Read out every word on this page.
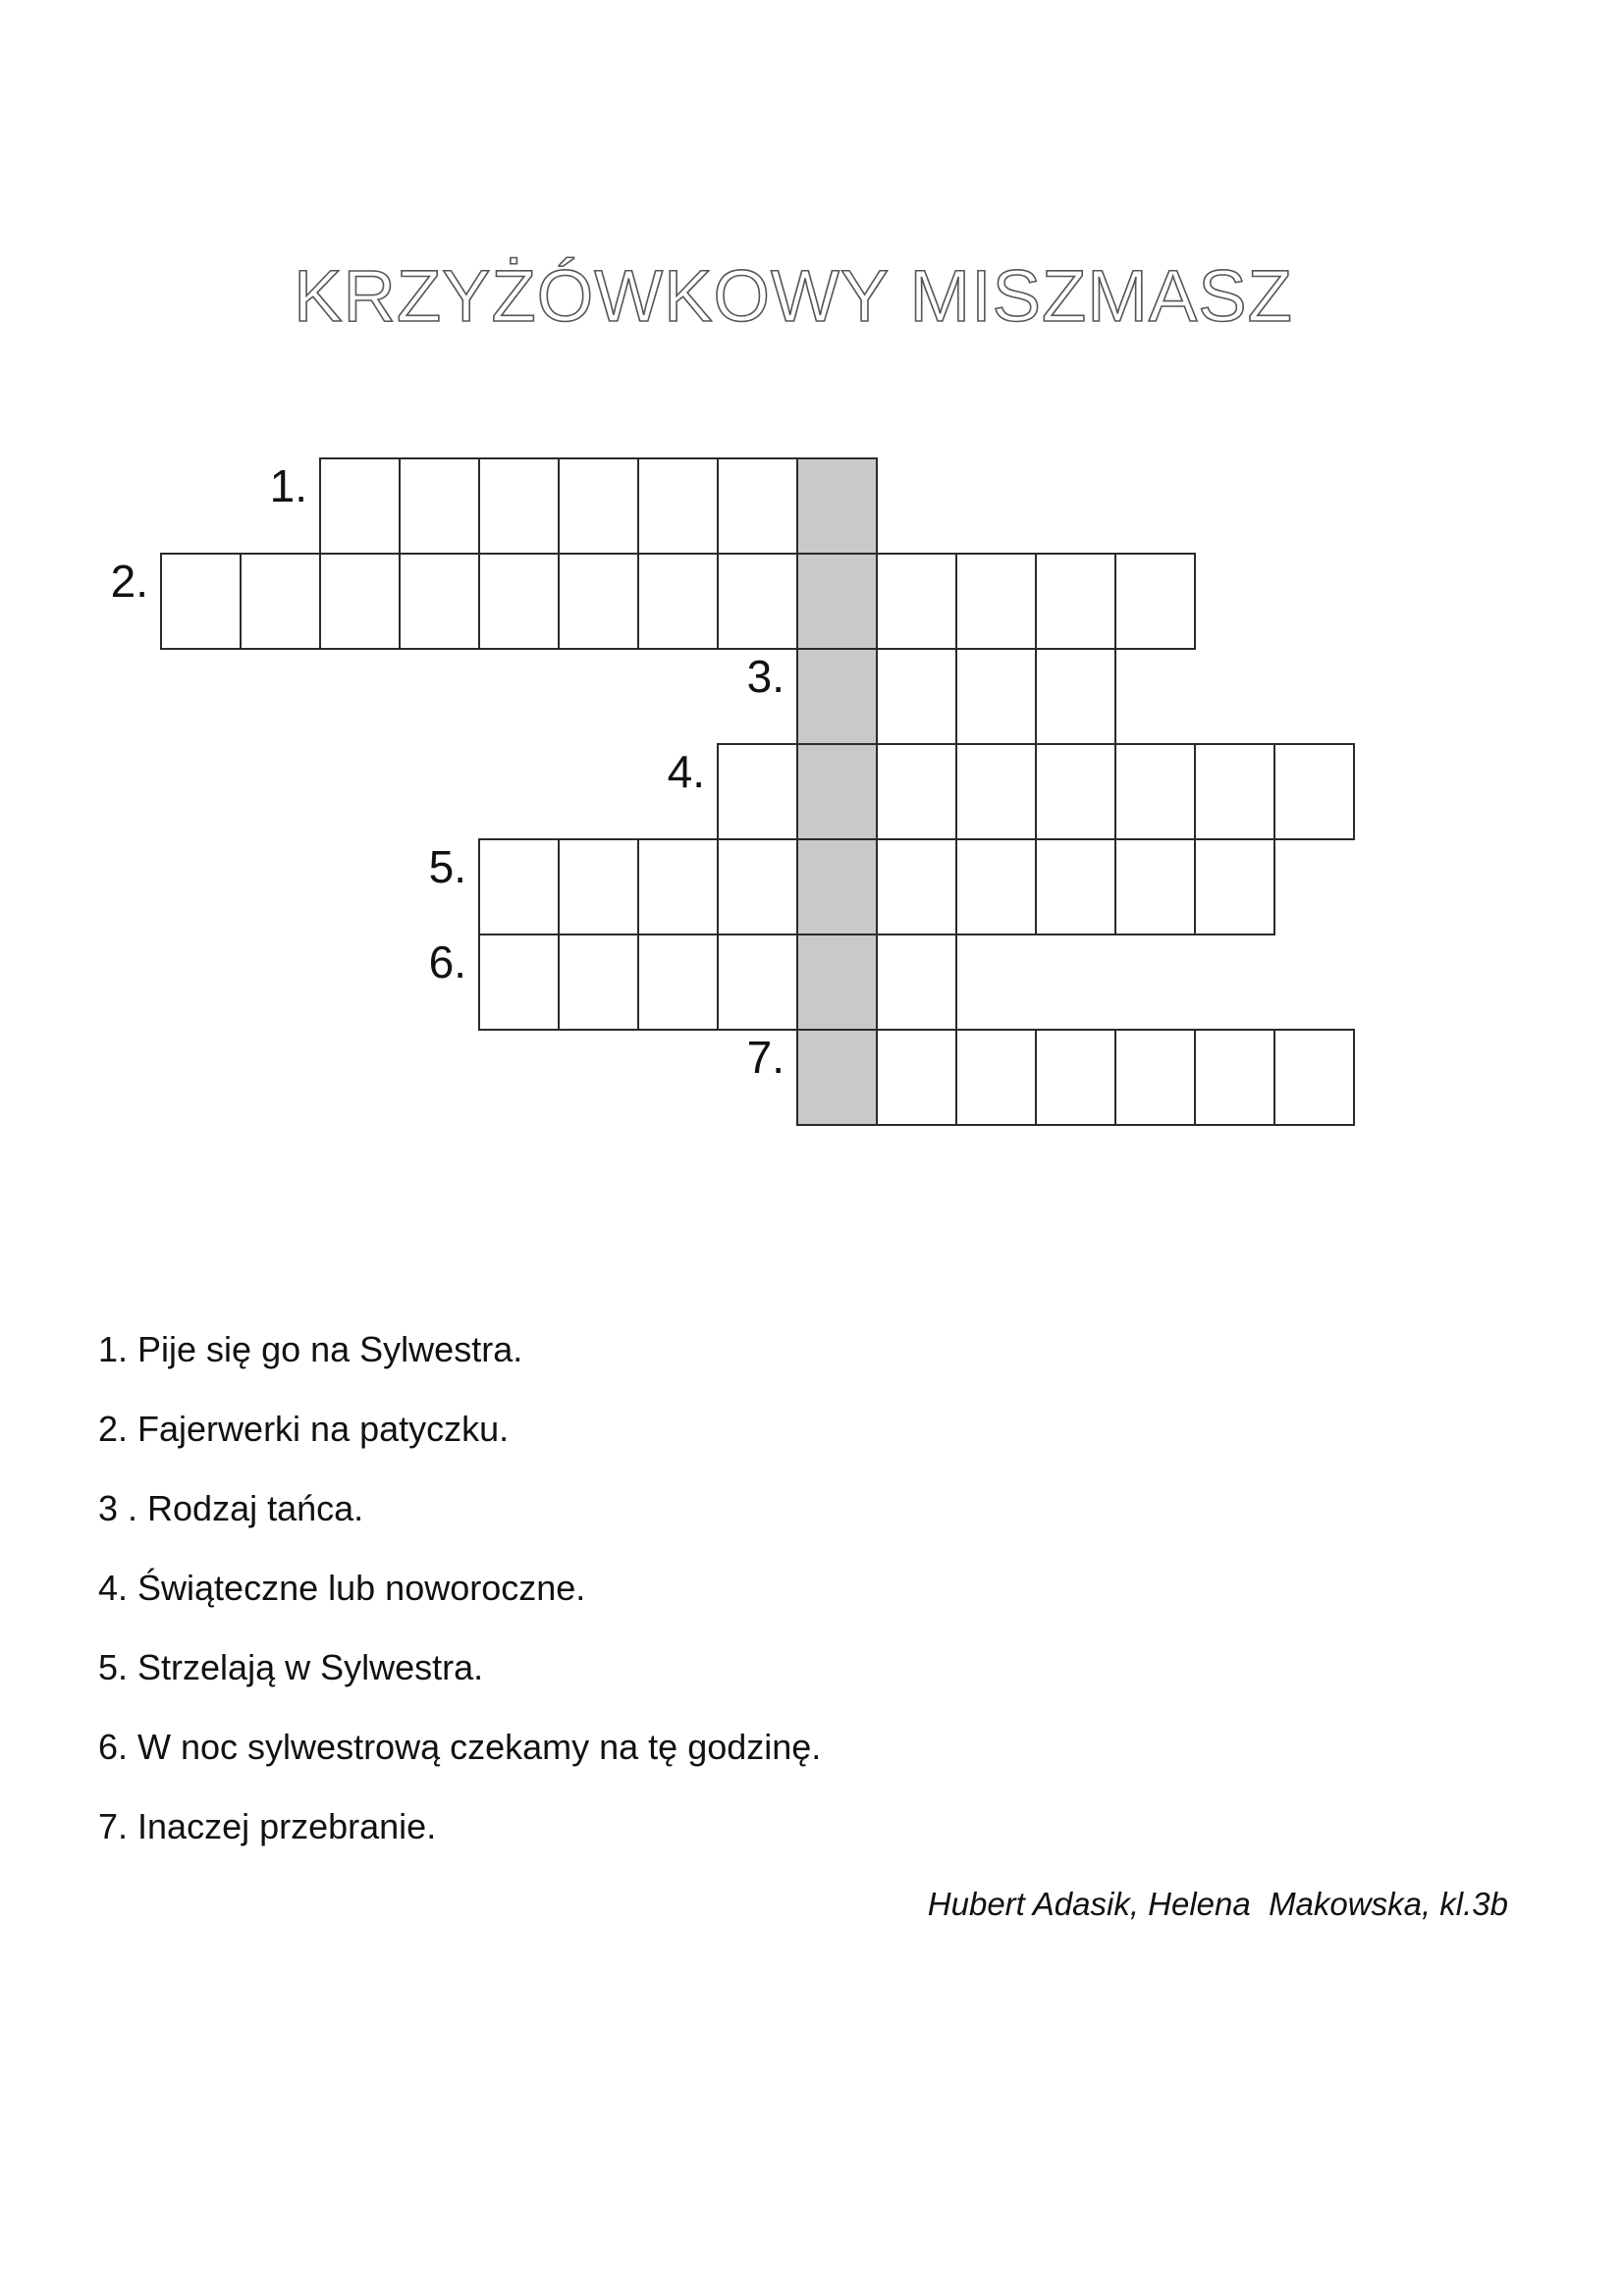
KRZYŻÓWKOWY MISZMASZ
1.
2.
3.
4.
5.
6.
7.
1. Pije się go na Sylwestra.
2. Fajerwerki na patyczku.
3 . Rodzaj tańca.
4. Świąteczne lub noworoczne.
5. Strzelają w Sylwestra.
6. W noc sylwestrową czekamy na tę godzinę.
7. Inaczej przebranie.
Hubert Adasik, Helena  Makowska, kl.3b
